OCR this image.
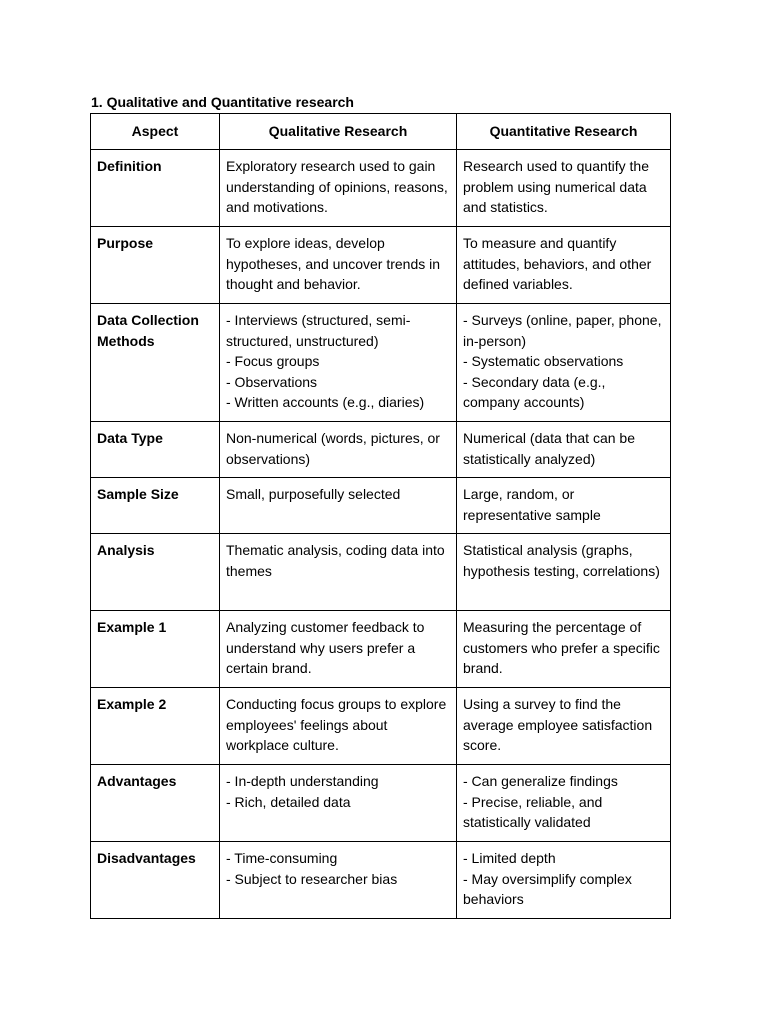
1. Qualitative and Quantitative research
Aspect	Qualitative Research	Quantitative Research
Definition	Exploratory research used to gain understanding of opinions, reasons, and motivations.	Research used to quantify the problem using numerical data and statistics.

Purpose	To explore ideas, develop hypotheses, and uncover trends in thought and behavior.	To measure and quantify attitudes, behaviors, and other defined variables.

Data Collection Methods	- Interviews (structured, semi-structured, unstructured)
- Focus groups
- Observations
- Written accounts (e.g., diaries)	- Surveys (online, paper, phone, in-person)
- Systematic observations
- Secondary data (e.g., company accounts)

Data Type	Non-numerical (words, pictures, or observations)	Numerical (data that can be statistically analyzed)

Sample Size	Small, purposefully selected	Large, random, or representative sample

Analysis	Thematic analysis, coding data into themes	Statistical analysis (graphs, hypothesis testing, correlations)

Example 1	Analyzing customer feedback to understand why users prefer a certain brand.	Measuring the percentage of customers who prefer a specific brand.

Example 2	Conducting focus groups to explore employees' feelings about workplace culture.	Using a survey to find the average employee satisfaction score.

Advantages	- In-depth understanding
- Rich, detailed data	- Can generalize findings
- Precise, reliable, and statistically validated

Disadvantages	- Time-consuming
- Subject to researcher bias	- Limited depth
- May oversimplify complex behaviors
